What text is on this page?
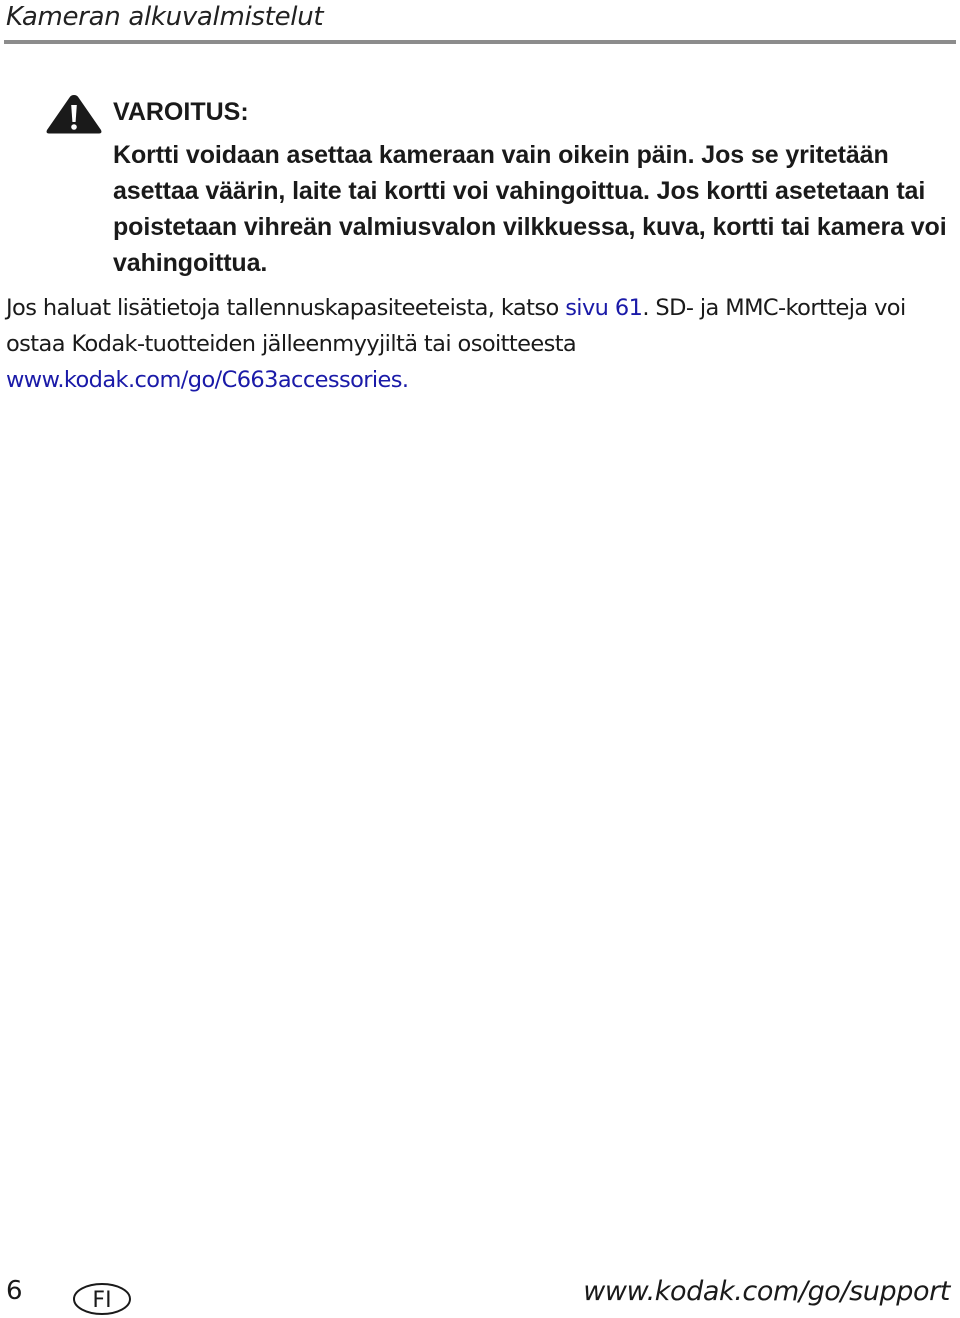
Kameran alkuvalmistelut
VAROITUS:
Kortti voidaan asettaa kameraan vain oikein päin. Jos se yritetään asettaa väärin, laite tai kortti voi vahingoittua. Jos kortti asetetaan tai poistetaan vihreän valmiusvalon vilkkuessa, kuva, kortti tai kamera voi vahingoittua.
Jos haluat lisätietoja tallennuskapasiteeteista, katso sivu 61. SD- ja MMC-kortteja voi ostaa Kodak-tuotteiden jälleenmyyjiltä tai osoitteesta www.kodak.com/go/C663accessories.
6	FI	www.kodak.com/go/support
